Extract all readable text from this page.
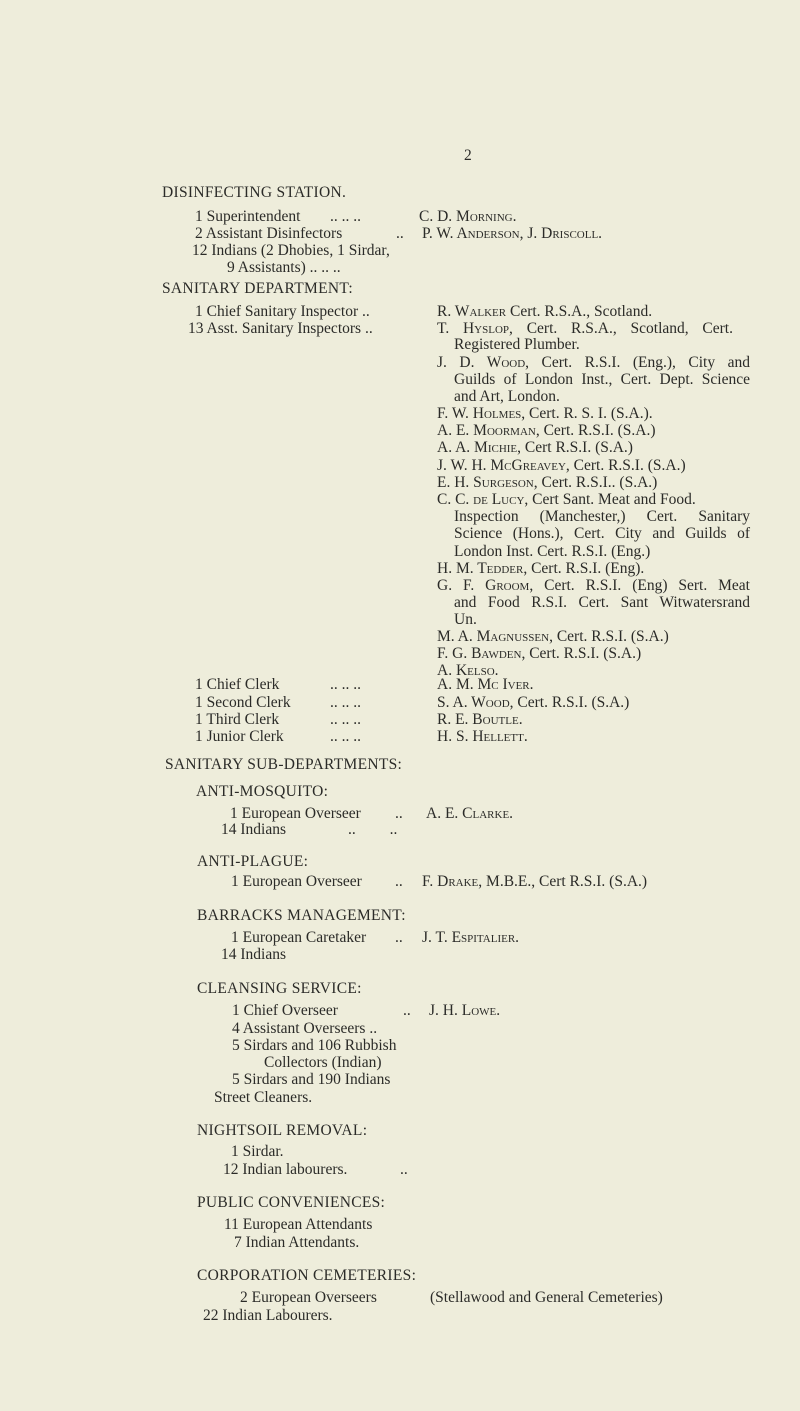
2
DISINFECTING STATION.
1 Superintendent .. .. ..	C. D. Morning.
2 Assistant Disinfectors	.. P. W. Anderson, J. Driscoll.
12 Indians (2 Dhobies, 1 Sirdar,
9 Assistants) .. .. ..
SANITARY DEPARTMENT:
1 Chief Sanitary Inspector ..
13 Asst. Sanitary Inspectors ..
R. Walker Cert. R.S.A., Scotland.
T. Hyslop, Cert. R.S.A., Scotland, Cert.
Registered Plumber.
J. D. Wood, Cert. R.S.I. (Eng.), City and
Guilds of London Inst., Cert. Dept. Science
and Art, London.
F. W. Holmes, Cert. R. S. I. (S.A.).
A. E. Moorman, Cert. R.S.I. (S.A.)
A. A. Michie, Cert R.S.I. (S.A.)
J. W. H. McGreavey, Cert. R.S.I. (S.A.)
E. H. Surgeson, Cert. R.S.I.. (S.A.)
C. C. de Lucy, Cert Sant. Meat and Food.
Inspection (Manchester,) Cert. Sanitary
Science (Hons.), Cert. City and Guilds of
London Inst. Cert. R.S.I. (Eng.)
H. M. Tedder, Cert. R.S.I. (Eng).
G. F. Groom, Cert. R.S.I. (Eng) Sert. Meat
and Food R.S.I. Cert. Sant Witwatersrand
Un.
M. A. Magnussen, Cert. R.S.I. (S.A.)
F. G. Bawden, Cert. R.S.I. (S.A.)
A. Kelso.
1 Chief Clerk	.. .. ..	A. M. Mc Iver.
1 Second Clerk	.. .. ..	S. A. Wood, Cert. R.S.I. (S.A.)
1 Third Clerk	.. .. ..	R. E. Boutle.
1 Junior Clerk	.. .. ..	H. S. Hellett.
SANITARY SUB-DEPARTMENTS:
ANTI-MOSQUITO:
1 European Overseer .. A. E. Clarke.
14 Indians	.. ..
ANTI-PLAGUE:
1 European Overseer .. F. Drake, M.B.E., Cert R.S.I. (S.A.)
BARRACKS MANAGEMENT:
1 European Caretaker .. J. T. Espitalier.
14 Indians
CLEANSING SERVICE:
1 Chief Overseer	.. J. H. Lowe.
4 Assistant Overseers ..
5 Sirdars and 106 Rubbish
Collectors (Indian)
5 Sirdars and 190 Indians
Street Cleaners.
NIGHTSOIL REMOVAL:
1 Sirdar.
12 Indian labourers.	..
PUBLIC CONVENIENCES:
11 European Attendants
7 Indian Attendants.
CORPORATION CEMETERIES:
2 European Overseers	(Stellawood and General Cemeteries)
22 Indian Labourers.
